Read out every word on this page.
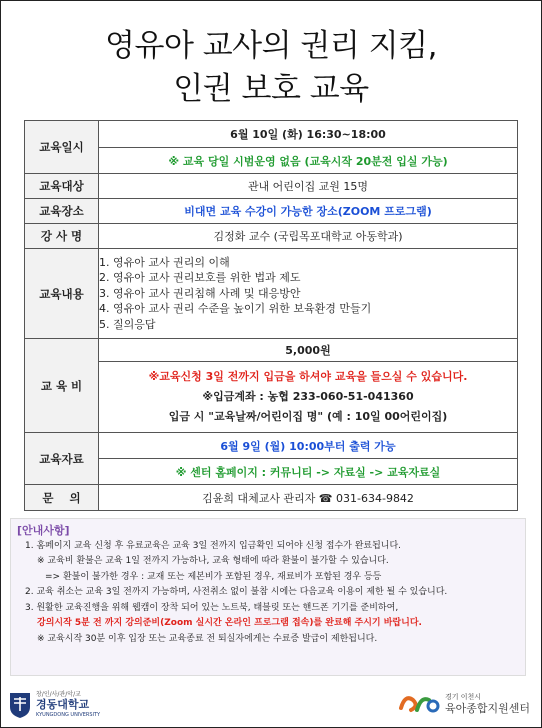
영유아 교사의 권리 지킴,
인권 보호 교육
교육일시	6월 10일 (화) 16:30~18:00
	※ 교육 당일 시범운영 없음 (교육시작 20분전 입실 가능)
교육대상	관내 어린이집 교원 15명
교육장소	비대면 교육 수강이 가능한 장소(ZOOM 프로그램)
강 사 명	김정화 교수 (국립목포대학교 아동학과)
교육내용	1. 영유아 교사 권리의 이해
2. 영유아 교사 권리보호를 위한 법과 제도
3. 영유아 교사 권리침해 사례 및 대응방안
4. 영유아 교사 권리 수준을 높이기 위한 보육환경 만들기
5. 질의응답

교 육 비	5,000원

	※교육신청 3일 전까지 입금을 하셔야 교육을 들으실 수 있습니다.
※입금계좌 : 농협 233-060-51-041360
입금 시 "교육날짜/어린이집 명" (예 : 10일 00어린이집)

교육자료	6월 9일 (월) 10:00부터 출력 가능
	※ 센터 홈페이지 : 커뮤니티 -> 자료실 -> 교육자료실
문    의	김윤희 대체교사 관리자 ☎ 031-634-9842
[안내사항]

1. 홈페이지 교육 신청 후 유료교육은 교육 3일 전까지 입금확인 되어야 신청 접수가 완료됩니다.

※ 교육비 환불은 교육 1일 전까지 가능하나, 교육 형태에 따라 환불이 불가할 수 있습니다.

=> 환불이 불가한 경우 : 교재 또는 제본비가 포함된 경우, 재료비가 포함된 경우 등등

2. 교육 취소는 교육 3일 전까지 가능하며, 사전취소 없이 불참 시에는 다음교육 이용이 제한 될 수 있습니다.

3. 원활한 교육진행을 위해 웹캠이 장착 되어 있는 노트북, 태블릿 또는 핸드폰 기기를 준비하여,

강의시작 5분 전 까지 강의준비(Zoom 실시간 온라인 프로그램 접속)를 완료해 주시기 바랍니다.

※ 교육시작 30분 이후 입장 또는 교육종료 전 퇴실자에게는 수료증 발급이 제한됩니다.

창/인/사/관/악/교
경동대학교
KYUNGDONG UNIVERSITY
경기 이천시
육아종합지원센터
